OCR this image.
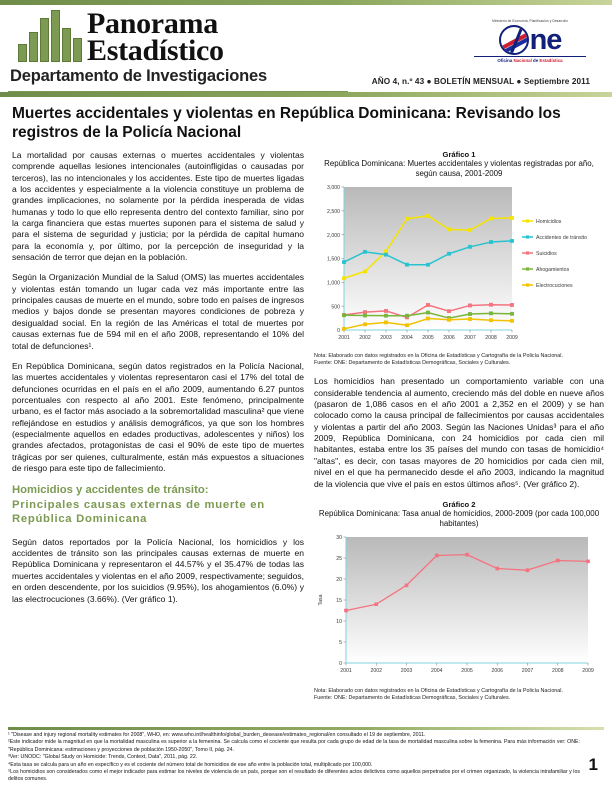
Panorama
Estadístico
Departamento de Investigaciones
Ministerio de Economía, Planificación y Desarrollo
ne
Oficina Nacional de Estadística
AÑO 4, n.º 43 ● BOLETÍN MENSUAL ● Septiembre 2011
Muertes accidentales y violentas en República Dominicana: Revisando los
registros de la Policía Nacional

La mortalidad por causas externas o muertes accidentales y violentas comprende aquellas lesiones intencionales (autoinfligidas o causadas por terceros), las no intencionales y los accidentes. Este tipo de muertes ligadas a los accidentes y especialmente a la violencia constituye un problema de grandes implicaciones, no solamente por la pérdida inesperada de vidas humanas y todo lo que ello representa dentro del contexto familiar, sino por la carga financiera que estas muertes suponen para el sistema de salud y para el sistema de seguridad y justicia; por la pérdida de capital humano para la economía y, por último, por la percepción de inseguridad y la sensación de terror que dejan en la población.

Según la Organización Mundial de la Salud (OMS) las muertes accidentales y violentas están tomando un lugar cada vez más importante entre las principales causas de muerte en el mundo, sobre todo en países de ingresos medios y bajos donde se presentan mayores condiciones de pobreza y desigualdad social. En la región de las Américas el total de muertes por causas externas fue de 594 mil en el año 2008, representando el 10% del total de defunciones¹.

En República Dominicana, según datos registrados en la Policía Nacional, las muertes accidentales y violentas representaron casi el 17% del total de defunciones ocurridas en el país en el año 2009, aumentando 6.27 puntos porcentuales con respecto al año 2001. Este fenómeno, principalmente urbano, es el factor más asociado a la sobremortalidad masculina² que viene reflejándose en estudios y análisis demográficos, ya que son los hombres (especialmente aquellos en edades productivas, adolescentes y niños) los grandes afectados, protagonistas de casi el 90% de este tipo de muertes trágicas por ser quienes, culturalmente, están más expuestos a situaciones de riesgo para este tipo de fallecimiento.

Homicidios y accidentes de tránsito:
Principales causas externas de muerte en
República Dominicana

Según datos reportados por la Policía Nacional, los homicidios y los accidentes de tránsito son las principales causas externas de muerte en República Dominicana y representaron el 44.57% y el 35.47% de todas las muertes accidentales y violentas en el año 2009, respectivamente; seguidos, en orden descendente, por los suicidios (9.95%), los ahogamientos (6.0%) y las electrocuciones (3.66%). (Ver gráfico 1).

Gráfico 1
República Dominicana: Muertes accidentales y violentas registradas por año, según causa, 2001-2009
0
500
1,000
1,500
2,000
2,500
3,000
2001 2002 2003 2004 2005 2006 2007 2008 2009
Homicidios
Accidentes de tránsito
Suicidios
Ahogamientos
Electrocuciones
Nota: Elaborado con datos registrados en la Oficina de Estadísticas y Cartografía de la Policía Nacional.
Fuente: ONE: Departamento de Estadísticas Demográficas, Sociales y Culturales.

Los homicidios han presentado un comportamiento variable con una considerable tendencia al aumento, creciendo más del doble en nueve años (pasaron de 1,086 casos en el año 2001 a 2,352 en el 2009) y se han colocado como la causa principal de fallecimientos por causas accidentales y violentas a partir del año 2003. Según las Naciones Unidas³ para el año 2009, República Dominicana, con 24 homicidios por cada cien mil habitantes, estaba entre los 35 países del mundo con tasas de homicidio⁴ "altas", es decir, con tasas mayores de 20 homicidios por cada cien mil, nivel en el que ha permanecido desde el año 2003, indicando la magnitud de la violencia que vive el país en estos últimos años⁵. (Ver gráfico 2).

Gráfico 2
República Dominicana: Tasa anual de homicidios, 2000-2009 (por cada 100,000 habitantes)
0
5
10
15
20
25
30
2001	2002	2003	2004	2005	2006	2007	2008	2009
Tasa
Nota: Elaborado con datos registrados en la Oficina de Estadísticas y Cartografía de la Policía Nacional.
Fuente: ONE: Departamento de Estadísticas Demográficas, Sociales y Culturales.
¹ "Disease and injury regional mortality estimates for 2008", WHO, en: www.who.int/healthinfo/global_burden_desease/estimates_regional/en consultado el 19 de septiembre, 2011.
²Este indicador mide la magnitud en que la mortalidad masculina es superior a la femenina. Se calcula como el cociente que resulta por cada grupo de edad de la tasa de mortalidad masculina sobre la femenina. Para más información ver: ONE: "República Dominicana: estimaciones y proyecciones de población 1950-2050", Tomo II, pág. 24.
³Ver: UNODC: "Global Study on Homicide: Trends, Context, Data", 2011, pág. 22.
⁴Esta tasa se calcula para un año en específico y es el cociente del número total de homicidios de ese año entre la población total, multiplicado por 100,000.
⁵Los homicidios son considerados como el mejor indicador para estimar los niveles de violencia de un país, porque son el resultado de diferentes actos delictivos como aquellos perpetrados por el crimen organizado, la violencia intrafamiliar y los delitos comunes.
1
